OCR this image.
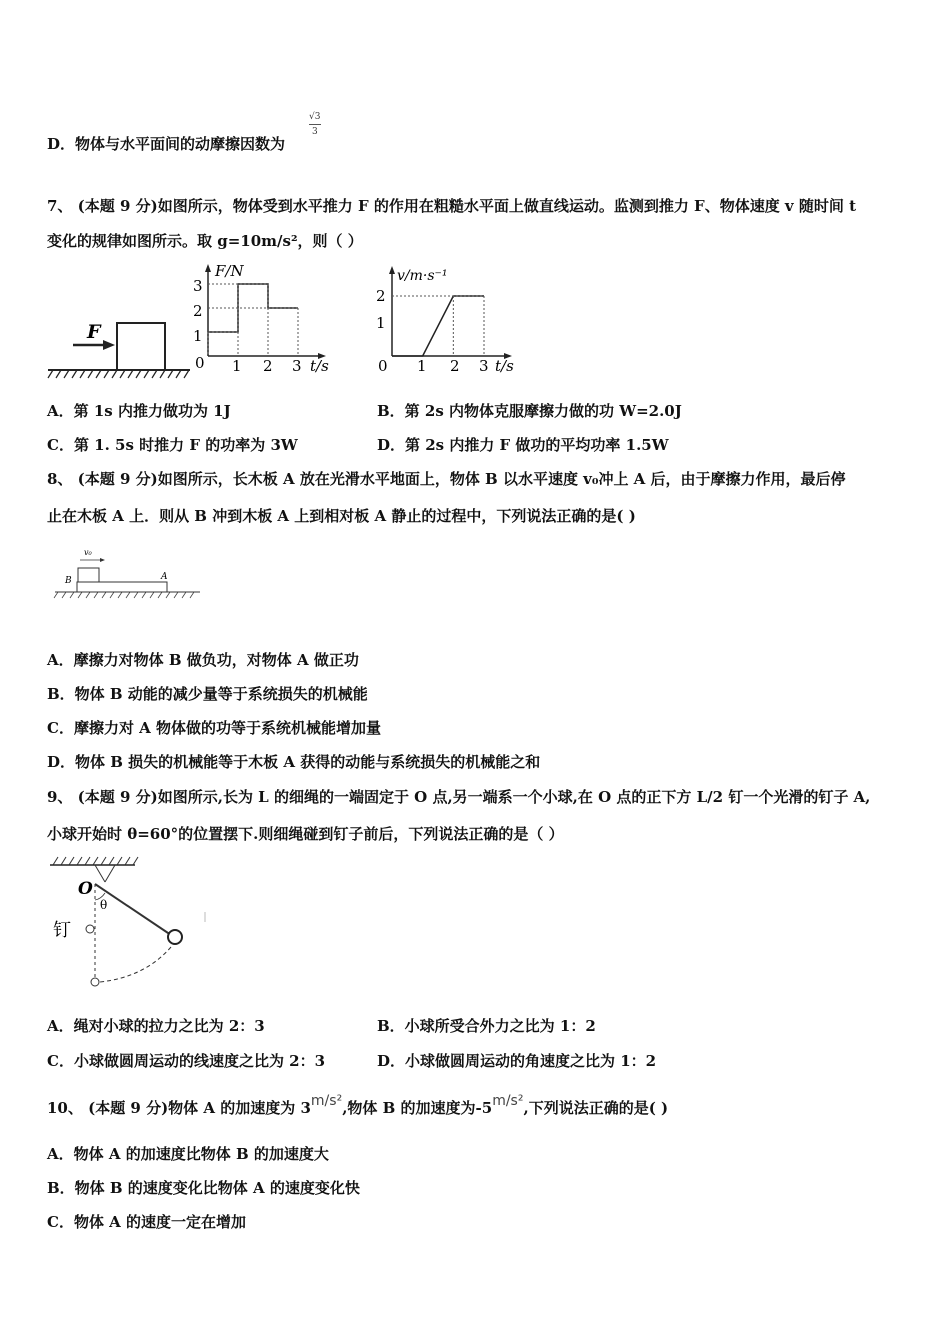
D．物体与水平面间的动摩擦因数为
√3
3
7、 (本题 9 分)如图所示，物体受到水平推力 F 的作用在粗糙水平面上做直线运动。监测到推力 F、物体速度 v 随时间 t
变化的规律如图所示。取 g=10m/s²，则（ ）
F
F/N
t/s
3
2
1
0 1 2 3
v/m·s⁻¹
t/s
2
1
0 1 2 3
A．第 1s 内推力做功为 1J	B．第 2s 内物体克服摩擦力做的功 W=2.0J
C．第 1. 5s 时推力 F 的功率为 3W	D．第 2s 内推力 F 做功的平均功率 1.5W
8、 (本题 9 分)如图所示，长木板 A 放在光滑水平地面上，物体 B 以水平速度 v₀冲上 A 后，由于摩擦力作用，最后停
止在木板 A 上．则从 B 冲到木板 A 上到相对板 A 静止的过程中，下列说法正确的是( )
v₀
B	A
A．摩擦力对物体 B 做负功，对物体 A 做正功
B．物体 B 动能的减少量等于系统损失的机械能
C．摩擦力对 A 物体做的功等于系统机械能增加量
D．物体 B 损失的机械能等于木板 A 获得的动能与系统损失的机械能之和
9、 (本题 9 分)如图所示,长为 L 的细绳的一端固定于 O 点,另一端系一个小球,在 O 点的正下方 L/2 钉一个光滑的钉子 A,
小球开始时 θ=60°的位置摆下.则细绳碰到钉子前后，下列说法正确的是（ ）
O
θ
钉
A．绳对小球的拉力之比为 2：3	B．小球所受合外力之比为 1：2
C．小球做圆周运动的线速度之比为 2：3	D．小球做圆周运动的角速度之比为 1：2
10、 (本题 9 分)物体 A 的加速度为 3m/s²,物体 B 的加速度为-5m/s²,下列说法正确的是( )
A．物体 A 的加速度比物体 B 的加速度大
B．物体 B 的速度变化比物体 A 的速度变化快
C．物体 A 的速度一定在增加
